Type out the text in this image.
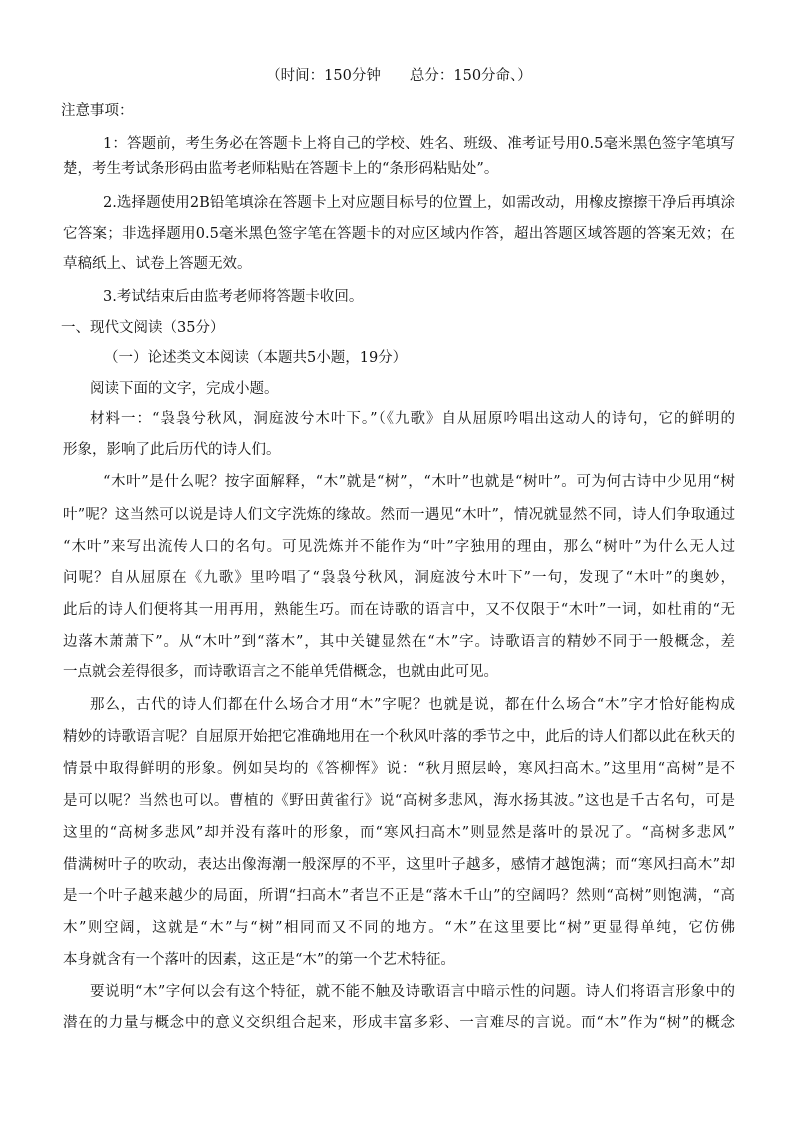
（时间：150分钟　　总分：150分命、）
注意事项：
1：答题前，考生务必在答题卡上将自己的学校、姓名、班级、准考证号用0.5毫米黑色签字笔填写
楚，考生考试条形码由监考老师粘贴在答题卡上的“条形码粘贴处”。
2.选择题使用2B铅笔填涂在答题卡上对应题目标号的位置上，如需改动，用橡皮擦擦干净后再填涂
它答案；非选择题用0.5毫米黑色签字笔在答题卡的对应区域内作答，超出答题区域答题的答案无效；在
草稿纸上、试卷上答题无效。
3.考试结束后由监考老师将答题卡收回。
一、现代文阅读（35分）
（一）论述类文本阅读（本题共5小题，19分）
阅读下面的文字，完成小题。
材料一：“袅袅兮秋风，洞庭波兮木叶下。”（《九歌》自从屈原吟唱出这动人的诗句，它的鲜明的
形象，影响了此后历代的诗人们。
“木叶”是什么呢？按字面解释，“木”就是“树”，“木叶”也就是“树叶”。可为何古诗中少见用“树
叶”呢？这当然可以说是诗人们文字洗炼的缘故。然而一遇见“木叶”，情况就显然不同，诗人们争取通过
“木叶”来写出流传人口的名句。可见洗炼并不能作为“叶”字独用的理由，那么“树叶”为什么无人过
问呢？自从屈原在《九歌》里吟唱了“袅袅兮秋风，洞庭波兮木叶下”一句，发现了“木叶”的奥妙，
此后的诗人们便将其一用再用，熟能生巧。而在诗歌的语言中，又不仅限于“木叶”一词，如杜甫的“无
边落木萧萧下”。从“木叶”到“落木”，其中关键显然在“木”字。诗歌语言的精妙不同于一般概念，差
一点就会差得很多，而诗歌语言之不能单凭借概念，也就由此可见。
那么，古代的诗人们都在什么场合才用“木”字呢？也就是说，都在什么场合“木”字才恰好能构成
精妙的诗歌语言呢？自屈原开始把它准确地用在一个秋风叶落的季节之中，此后的诗人们都以此在秋天的
情景中取得鲜明的形象。例如吴均的《答柳恽》说：“秋月照层岭，寒风扫高木。”这里用“高树”是不
是可以呢？当然也可以。曹植的《野田黄雀行》说“高树多悲风，海水扬其波。”这也是千古名句，可是
这里的“高树多悲风”却并没有落叶的形象，而“寒风扫高木”则显然是落叶的景况了。“高树多悲风”
借满树叶子的吹动，表达出像海潮一般深厚的不平，这里叶子越多，感情才越饱满；而“寒风扫高木”却
是一个叶子越来越少的局面，所谓“扫高木”者岂不正是“落木千山”的空阔吗？然则“高树”则饱满，“高
木”则空阔，这就是“木”与“树”相同而又不同的地方。“木”在这里要比“树”更显得单纯，它仿佛
本身就含有一个落叶的因素，这正是“木”的第一个艺术特征。
要说明“木”字何以会有这个特征，就不能不触及诗歌语言中暗示性的问题。诗人们将语言形象中的
潜在的力量与概念中的意义交织组合起来，形成丰富多彩、一言难尽的言说。而“木”作为“树”的概念
